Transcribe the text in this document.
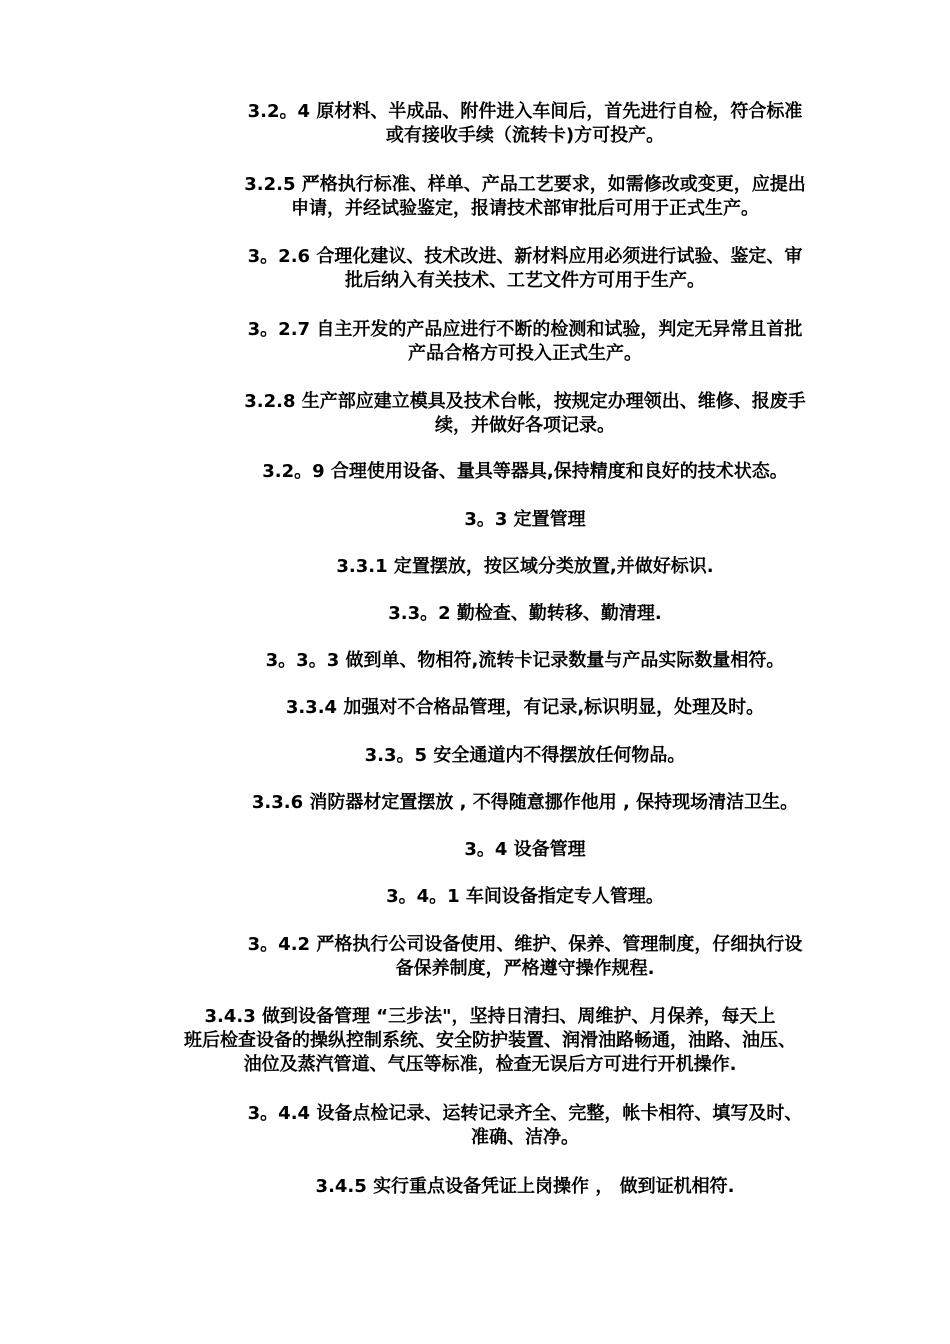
3.2。4 原材料、半成品、附件进入车间后，首先进行自检，符合标准
或有接收手续（流转卡)方可投产。
3.2.5 严格执行标准、样单、产品工艺要求，如需修改或变更，应提出
申请，并经试验鉴定，报请技术部审批后可用于正式生产。
3。2.6 合理化建议、技术改进、新材料应用必须进行试验、鉴定、审
批后纳入有关技术、工艺文件方可用于生产。
3。2.7 自主开发的产品应进行不断的检测和试验，判定无异常且首批
产品合格方可投入正式生产。
3.2.8 生产部应建立模具及技术台帐，按规定办理领出、维修、报废手
续，并做好各项记录。
3.2。9 合理使用设备、量具等器具,保持精度和良好的技术状态。
3。3 定置管理
3.3.1 定置摆放，按区域分类放置,并做好标识.
3.3。2 勤检查、勤转移、勤清理.
3。3。3 做到单、物相符,流转卡记录数量与产品实际数量相符。
3.3.4 加强对不合格品管理，有记录,标识明显，处理及时。
3.3。5 安全通道内不得摆放任何物品。
3.3.6 消防器材定置摆放 , 不得随意挪作他用 , 保持现场清洁卫生。
3。4 设备管理
3。4。1 车间设备指定专人管理。
3。4.2 严格执行公司设备使用、维护、保养、管理制度，仔细执行设
备保养制度，严格遵守操作规程.
3.4.3 做到设备管理 “三步法"，坚持日清扫、周维护、月保养，每天上
班后检查设备的操纵控制系统、安全防护装置、润滑油路畅通，油路、油压、
油位及蒸汽管道、气压等标准，检查无误后方可进行开机操作.
3。4.4 设备点检记录、运转记录齐全、完整，帐卡相符、填写及时、
准确、洁净。
3.4.5 实行重点设备凭证上岗操作 ， 做到证机相符.
